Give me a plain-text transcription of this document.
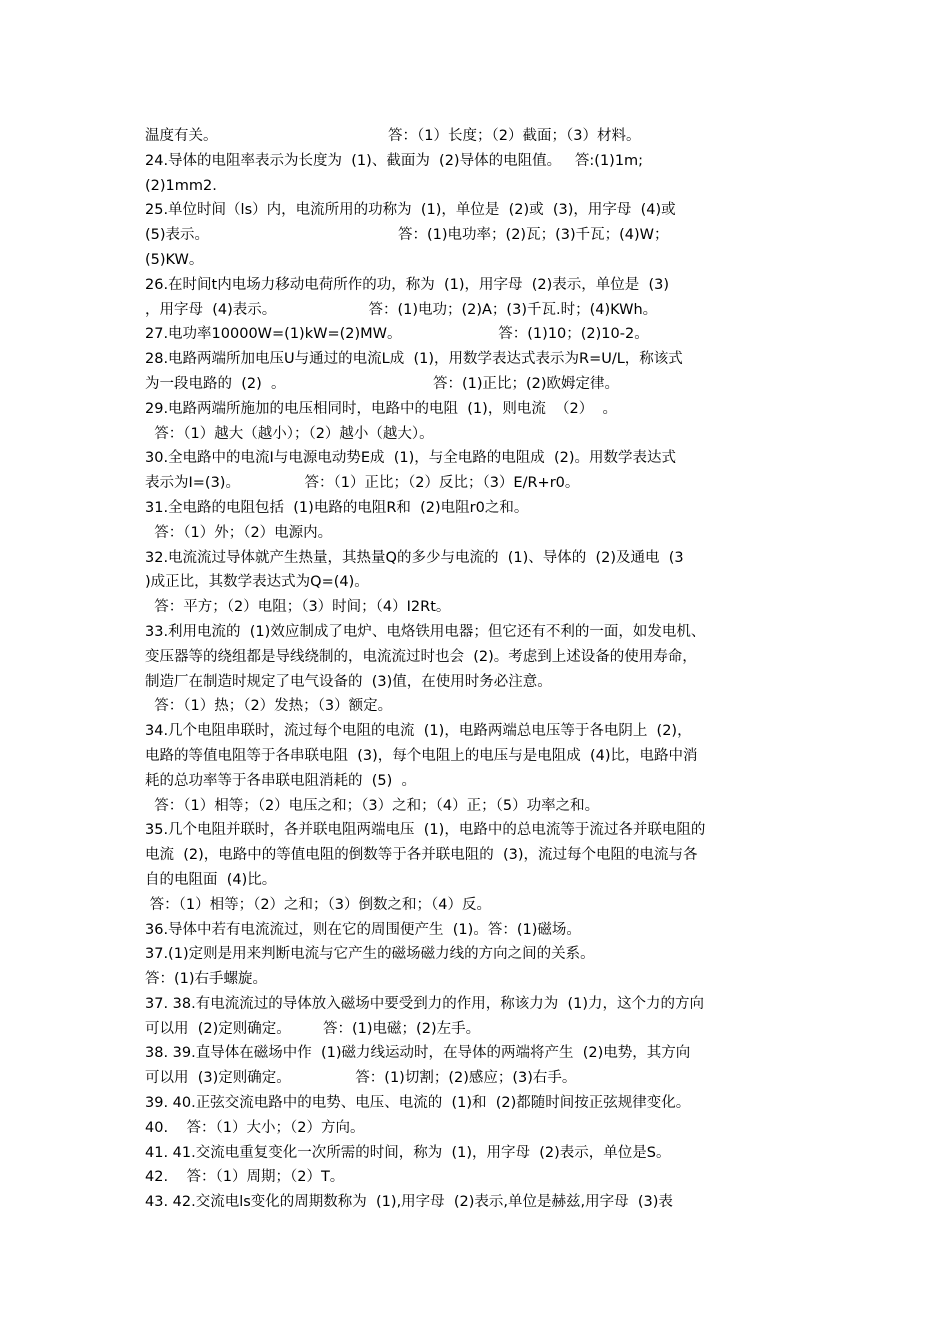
温度有关。                                     答：（1）长度；（2）截面；（3）材料。
24.导体的电阻率表示为长度为  (1)、截面为  (2)导体的电阻值。   答:(1)1m;
(2)1mm2.
25.单位时间（ls）内，电流所用的功称为  (1)，单位是  (2)或  (3)，用字母  (4)或
(5)表示。                                         答：(1)电功率；(2)瓦；(3)千瓦；(4)W；
(5)KW。
26.在时间t内电场力移动电荷所作的功，称为  (1)，用字母  (2)表示，单位是  (3)
，用字母  (4)表示。                    答：(1)电功；(2)A；(3)千瓦.时；(4)KWh。
27.电功率10000W=(1)kW=(2)MW。                     答：(1)10；(2)10-2。
28.电路两端所加电压U与通过的电流L成  (1)，用数学表达式表示为R=U/L，称该式
为一段电路的  (2)  。                                答：(1)正比；(2)欧姆定律。
29.电路两端所施加的电压相同时，电路中的电阻  (1)，则电流  （2）  。
答：（1）越大（越小）；（2）越小（越大）。
30.全电路中的电流I与电源电动势E成  (1)，与全电路的电阻成  (2)。用数学表达式
表示为I=(3)。              答：（1）正比；（2）反比；（3）E/R+r0。
31.全电路的电阻包括  (1)电路的电阻R和  (2)电阻r0之和。
答：（1）外；（2）电源内。
32.电流流过导体就产生热量，其热量Q的多少与电流的  (1)、导体的  (2)及通电  (3
)成正比，其数学表达式为Q=(4)。
答：平方；（2）电阻；（3）时间；（4）I2Rt。
33.利用电流的  (1)效应制成了电炉、电烙铁用电器；但它还有不利的一面，如发电机、
变压器等的绕组都是导线绕制的，电流流过时也会  (2)。考虑到上述设备的使用寿命，
制造厂在制造时规定了电气设备的  (3)值，在使用时务必注意。
答：（1）热；（2）发热；（3）额定。
34.几个电阻串联时，流过每个电阻的电流  (1)，电路两端总电压等于各电阴上  (2)，
电路的等值电阻等于各串联电阻  (3)，每个电阻上的电压与是电阻成  (4)比，电路中消
耗的总功率等于各串联电阻消耗的  (5)  。
答：（1）相等；（2）电压之和；（3）之和；（4）正；（5）功率之和。
35.几个电阻并联时，各并联电阻两端电压  (1)，电路中的总电流等于流过各并联电阻的
电流  (2)，电路中的等值电阻的倒数等于各并联电阻的  (3)，流过每个电阻的电流与各
自的电阻面  (4)比。
答：（1）相等；（2）之和；（3）倒数之和；（4）反。
36.导体中若有电流流过，则在它的周围便产生  (1)。答：(1)磁场。
37.(1)定则是用来判断电流与它产生的磁场磁力线的方向之间的关系。
答：(1)右手螺旋。
37. 38.有电流流过的导体放入磁场中要受到力的作用，称该力为  (1)力，这个力的方向
可以用  (2)定则确定。       答：(1)电磁；(2)左手。
38. 39.直导体在磁场中作  (1)磁力线运动时，在导体的两端将产生  (2)电势，其方向
可以用  (3)定则确定。              答：(1)切割；(2)感应；(3)右手。
39. 40.正弦交流电路中的电势、电压、电流的  (1)和  (2)都随时间按正弦规律变化。
40.    答：（1）大小；（2）方向。
41. 41.交流电重复变化一次所需的时间，称为  (1)，用字母  (2)表示，单位是S。
42.    答：（1）周期；（2）T。
43. 42.交流电ls变化的周期数称为  (1),用字母  (2)表示,单位是赫兹,用字母  (3)表
